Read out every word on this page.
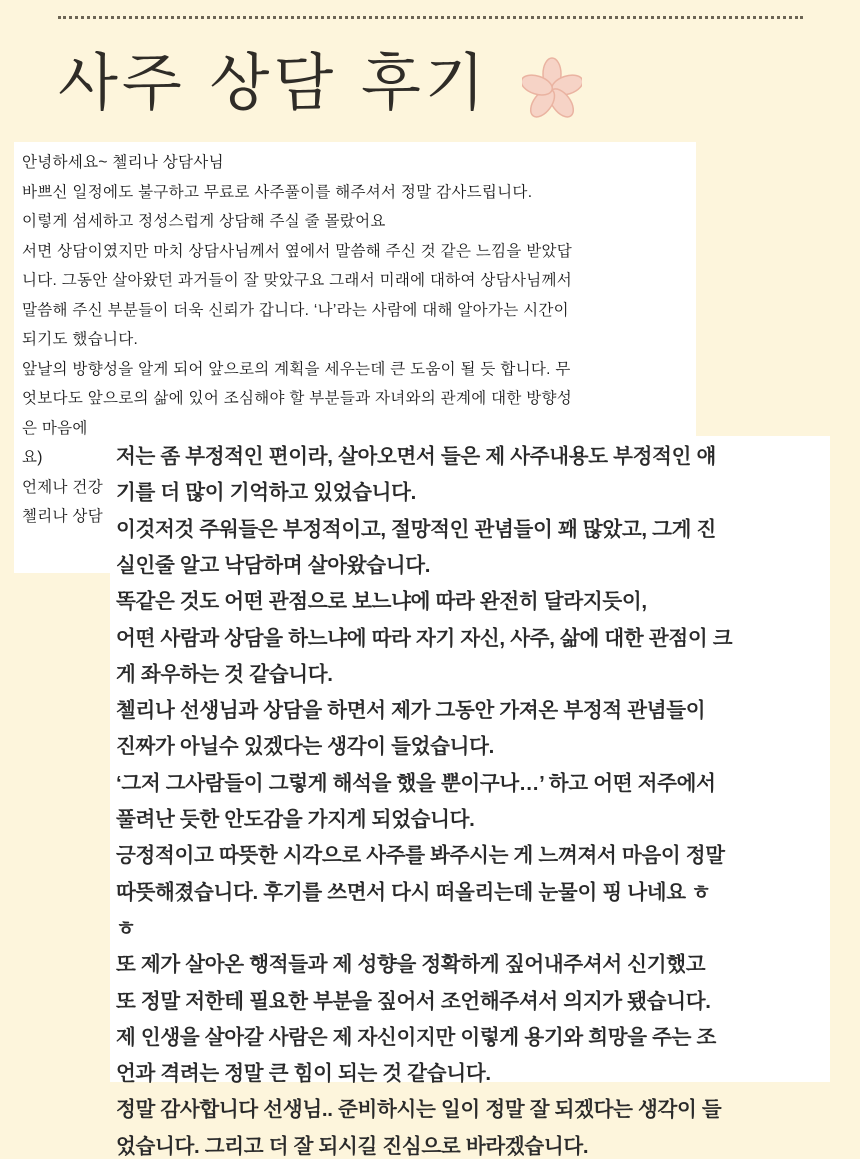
사주 상담 후기
안녕하세요~ 첼리나 상담사님
바쁘신 일정에도 불구하고 무료로 사주풀이를 해주셔서 정말 감사드립니다.
이렇게 섬세하고 정성스럽게 상담해 주실 줄 몰랐어요
서면 상담이였지만 마치 상담사님께서 옆에서 말씀해 주신 것 같은 느낌을 받았답
니다. 그동안 살아왔던 과거들이 잘 맞았구요 그래서 미래에 대하여 상담사님께서
말씀해 주신 부분들이 더욱 신뢰가 갑니다. ‘나’라는 사람에 대해 알아가는 시간이
되기도 했습니다.
앞날의 방향성을 알게 되어 앞으로의 계획을 세우는데 큰 도움이 될 듯 합니다. 무
엇보다도 앞으로의 삶에 있어 조심해야 할 부분들과 자녀와의 관계에 대한 방향성
은 마음에
요)
언제나 건강
첼리나 상담
저는 좀 부정적인 편이라, 살아오면서 들은 제 사주내용도 부정적인 얘
기를 더 많이 기억하고 있었습니다.
이것저것 주워들은 부정적이고, 절망적인 관념들이 꽤 많았고, 그게 진
실인줄 알고 낙담하며 살아왔습니다.
똑같은 것도 어떤 관점으로 보느냐에 따라 완전히 달라지듯이,
어떤 사람과 상담을 하느냐에 따라 자기 자신, 사주, 삶에 대한 관점이 크
게 좌우하는 것 같습니다.
첼리나 선생님과 상담을 하면서 제가 그동안 가져온 부정적 관념들이
진짜가 아닐수 있겠다는 생각이 들었습니다.
‘그저 그사람들이 그렇게 해석을 했을 뿐이구나…’ 하고 어떤 저주에서
풀려난 듯한 안도감을 가지게 되었습니다.
긍정적이고 따뜻한 시각으로 사주를 봐주시는 게 느껴져서 마음이 정말
따뜻해졌습니다. 후기를 쓰면서 다시 떠올리는데 눈물이 핑 나네요 ㅎ
ㅎ
또 제가 살아온 행적들과 제 성향을 정확하게 짚어내주셔서 신기했고
또 정말 저한테 필요한 부분을 짚어서 조언해주셔서 의지가 됐습니다.
제 인생을 살아갈 사람은 제 자신이지만 이렇게 용기와 희망을 주는 조
언과 격려는 정말 큰 힘이 되는 것 같습니다.
정말 감사합니다 선생님.. 준비하시는 일이 정말 잘 되겠다는 생각이 들
었습니다. 그리고 더 잘 되시길 진심으로 바라겠습니다.
